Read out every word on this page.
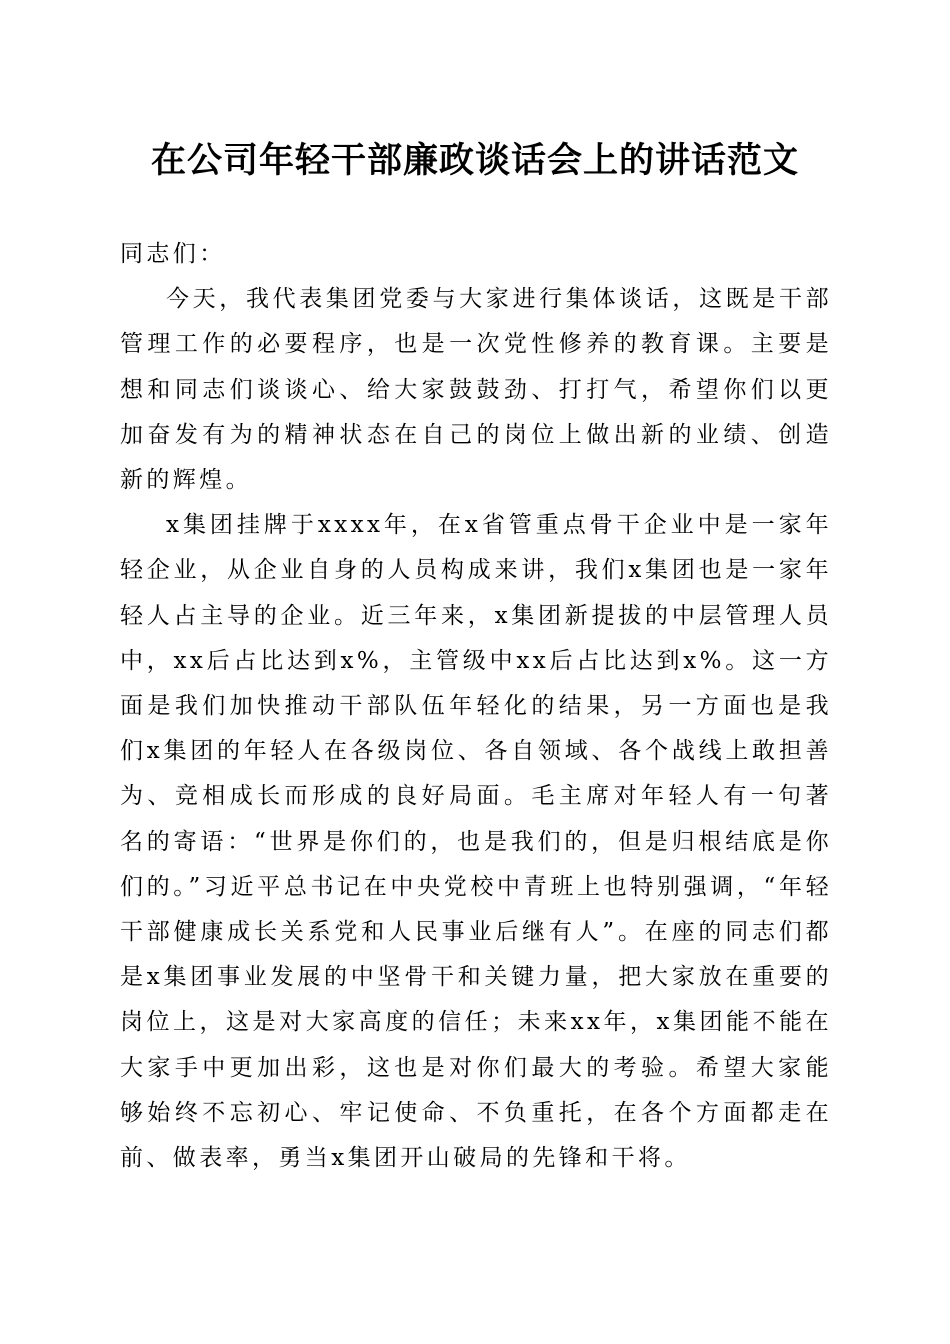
在公司年轻干部廉政谈话会上的讲话范文

同志们：

今天，我代表集团党委与大家进行集体谈话，这既是干部管理工作的必要程序，也是一次党性修养的教育课。主要是想和同志们谈谈心、给大家鼓鼓劲、打打气，希望你们以更加奋发有为的精神状态在自己的岗位上做出新的业绩、创造新的辉煌。

x集团挂牌于xxxx年，在x省管重点骨干企业中是一家年轻企业，从企业自身的人员构成来讲，我们x集团也是一家年轻人占主导的企业。近三年来，x集团新提拔的中层管理人员中，xx后占比达到x%，主管级中xx后占比达到x%。这一方面是我们加快推动干部队伍年轻化的结果，另一方面也是我们x集团的年轻人在各级岗位、各自领域、各个战线上敢担善为、竞相成长而形成的良好局面。毛主席对年轻人有一句著名的寄语：“世界是你们的，也是我们的，但是归根结底是你们的。”习近平总书记在中央党校中青班上也特别强调，“年轻干部健康成长关系党和人民事业后继有人”。在座的同志们都是x集团事业发展的中坚骨干和关键力量，把大家放在重要的岗位上，这是对大家高度的信任；未来xx年，x集团能不能在大家手中更加出彩，这也是对你们最大的考验。希望大家能够始终不忘初心、牢记使命、不负重托，在各个方面都走在前、做表率，勇当x集团开山破局的先锋和干将。
